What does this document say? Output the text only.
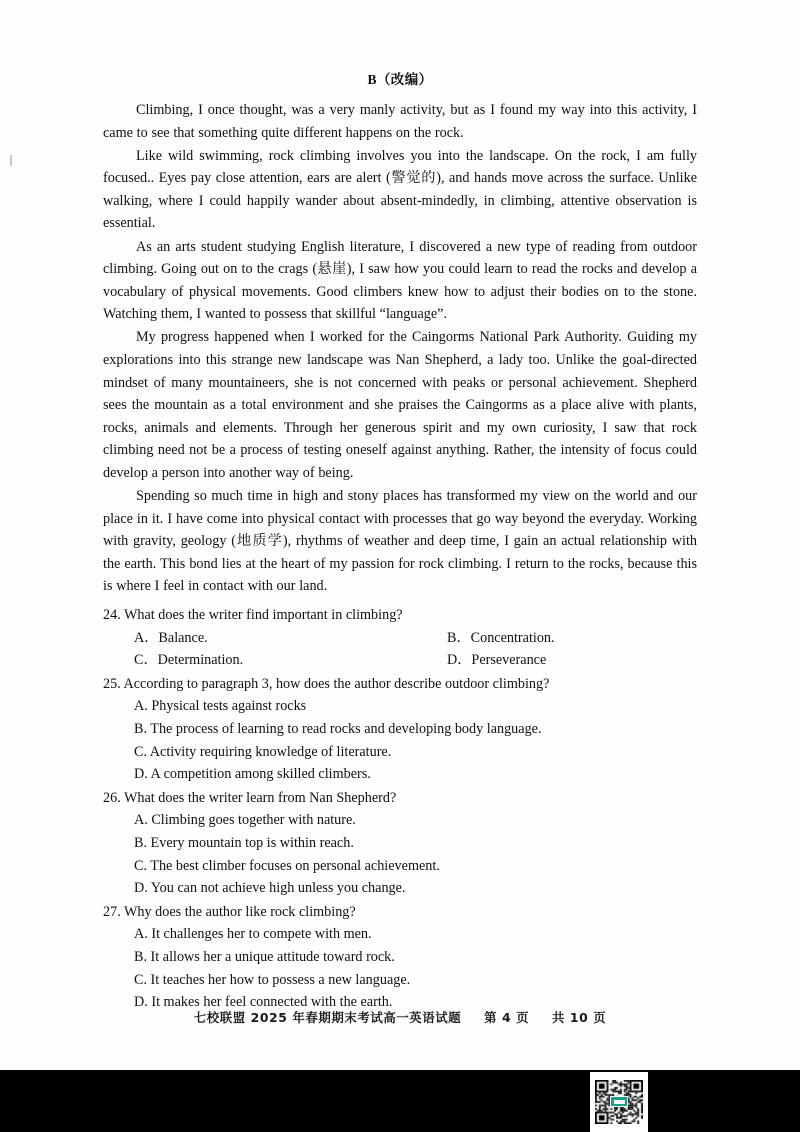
B（改编）

Climbing, I once thought, was a very manly activity, but as I found my way into this activity, I came to see that something quite different happens on the rock.

Like wild swimming, rock climbing involves you into the landscape. On the rock, I am fully focused.. Eyes pay close attention, ears are alert (警觉的), and hands move across the surface. Unlike walking, where I could happily wander about absent-mindedly, in climbing, attentive observation is essential.

As an arts student studying English literature, I discovered a new type of reading from outdoor climbing. Going out on to the crags (悬崖), I saw how you could learn to read the rocks and develop a vocabulary of physical movements. Good climbers knew how to adjust their bodies on to the stone. Watching them, I wanted to possess that skillful “language”.

My progress happened when I worked for the Caingorms National Park Authority. Guiding my explorations into this strange new landscape was Nan Shepherd, a lady too. Unlike the goal-directed mindset of many mountaineers, she is not concerned with peaks or personal achievement. Shepherd sees the mountain as a total environment and she praises the Caingorms as a place alive with plants, rocks, animals and elements. Through her generous spirit and my own curiosity, I saw that rock climbing need not be a process of testing oneself against anything. Rather, the intensity of focus could develop a person into another way of being.

Spending so much time in high and stony places has transformed my view on the world and our place in it. I have come into physical contact with processes that go way beyond the everyday. Working with gravity, geology (地质学), rhythms of weather and deep time, I gain an actual relationship with the earth. This bond lies at the heart of my passion for rock climbing. I return to the rocks, because this is where I feel in contact with our land.

24. What does the writer find important in climbing?

A．Balance.	B．Concentration.
C．Determination.	D．Perseverance

25. According to paragraph 3, how does the author describe outdoor climbing?

A. Physical tests against rocks
B. The process of learning to read rocks and developing body language.
C. Activity requiring knowledge of literature.
D. A competition among skilled climbers.

26. What does the writer learn from Nan Shepherd?

A. Climbing goes together with nature.
B. Every mountain top is within reach.
C. The best climber focuses on personal achievement.
D. You can not achieve high unless you change.

27. Why does the author like rock climbing?

A. It challenges her to compete with men.
B. It allows her a unique attitude toward rock.
C. It teaches her how to possess a new language.
D. It makes her feel connected with the earth.
七校联盟 2025 年春期期末考试高一英语试题 第 4 页 共 10 页
